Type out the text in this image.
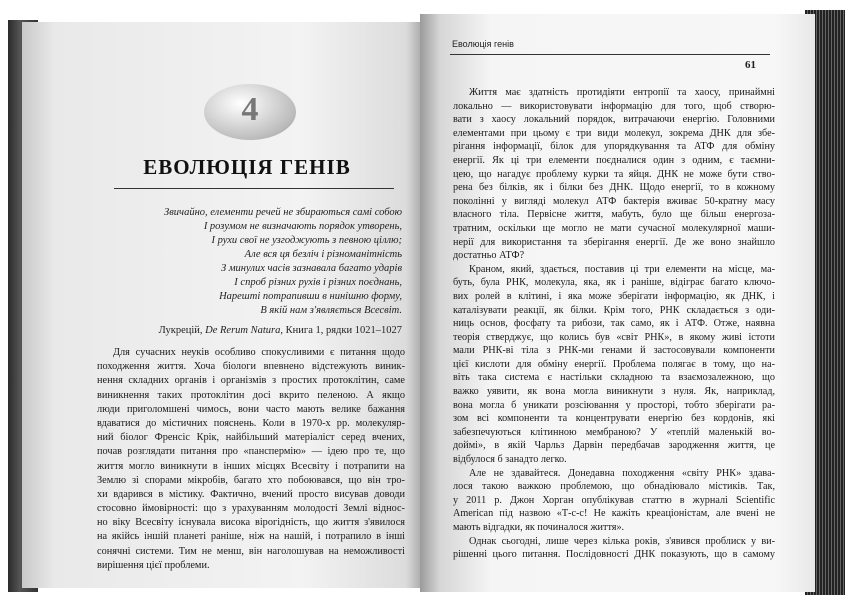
4
ЕВОЛЮЦІЯ ГЕНІВ
Звичайно, елементи речей не збираються самі собою
І розумом не визначають порядок утворень,
І рухи свої не узгоджують з певною ціллю;
Але вся ця безліч і різноманітність
З минулих часів зазнавала багато ударів
І спроб різних рухів і різних поєднань,
Нарешті потрапивши в нинішню форму,
В якій нам з'являється Всесвіт.
Лукрецій, De Rerum Natura, Книга 1, рядки 1021–1027
Для сучасних неуків особливо спокусливими є питання щодо
походження життя. Хоча біологи впевнено відстежують виник-
нення складних органів і організмів з простих протоклітин, саме
виникнення таких протоклітин досі вкрито пеленою. А якщо
люди приголомшені чимось, вони часто мають велике бажання
вдаватися до містичних пояснень. Коли в 1970-х рр. молекуляр-
ний біолог Френсіс Крік, найбільший матеріаліст серед вчених,
почав розглядати питання про «панспермію» — ідею про те, що
життя могло виникнути в інших місцях Всесвіту і потрапити на
Землю зі спорами мікробів, багато хто побоювався, що він тро-
хи вдарився в містику. Фактично, вчений просто висував доводи
стосовно ймовірності: що з урахуванням молодості Землі віднос-
но віку Всесвіту існувала висока вірогідність, що життя з'явилося
на якійсь іншій планеті раніше, ніж на нашій, і потрапило в інші
сонячні системи. Тим не менш, він наголошував на неможливості
вирішення цієї проблеми.
Еволюція генів
61
Життя має здатність протидіяти ентропії та хаосу, принаймні
локально — використовувати інформацію для того, щоб створю-
вати з хаосу локальний порядок, витрачаючи енергію. Головними
елементами при цьому є три види молекул, зокрема ДНК для збе-
рігання інформації, білок для упорядкування та АТФ для обміну
енергії. Як ці три елементи поєдналися один з одним, є таємни-
цею, що нагадує проблему курки та яйця. ДНК не може бути ство-
рена без білків, як і білки без ДНК. Щодо енергії, то в кожному
поколінні у вигляді молекул АТФ бактерія вживає 50-кратну масу
власного тіла. Первісне життя, мабуть, було ще більш енергоза-
тратним, оскільки ще могло не мати сучасної молекулярної маши-
нерії для використання та зберігання енергії. Де же воно знайшло
достатньо АТФ?
Краном, який, здається, поставив ці три елементи на місце, ма-
буть, була РНК, молекула, яка, як і раніше, відіграє багато ключо-
вих ролей в клітині, і яка може зберігати інформацію, як ДНК, і
каталізувати реакції, як білки. Крім того, РНК складається з оди-
ниць основ, фосфату та рибози, так само, як і АТФ. Отже, наявна
теорія стверджує, що колись був «світ РНК», в якому живі істоти
мали РНК-ві тіла з РНК-ми генами й застосовували компоненти
цієї кислоти для обміну енергії. Проблема полягає в тому, що на-
віть така система є настільки складною та взаємозалежною, що
важко уявити, як вона могла виникнути з нуля. Як, наприклад,
вона могла б уникати розсіювання у просторі, тобто зберігати ра-
зом всі компоненти та концентрувати енергію без кордонів, які
забезпечуються клітинною мембраною? У «теплій маленькій во-
доймі», в якій Чарльз Дарвін передбачав зародження життя, це
відбулося б занадто легко.
Але не здавайтеся. Донедавна походження «світу РНК» здава-
лося такою важкою проблемою, що обнадіювало містиків. Так,
у 2011 р. Джон Хорган опублікував статтю в журналі Scientific
American під назвою «Т-с-с! Не кажіть креаціоністам, але вчені не
мають відгадки, як починалося життя».
Однак сьогодні, лише через кілька років, з'явився проблиск у ви-
рішенні цього питання. Послідовності ДНК показують, що в самому
